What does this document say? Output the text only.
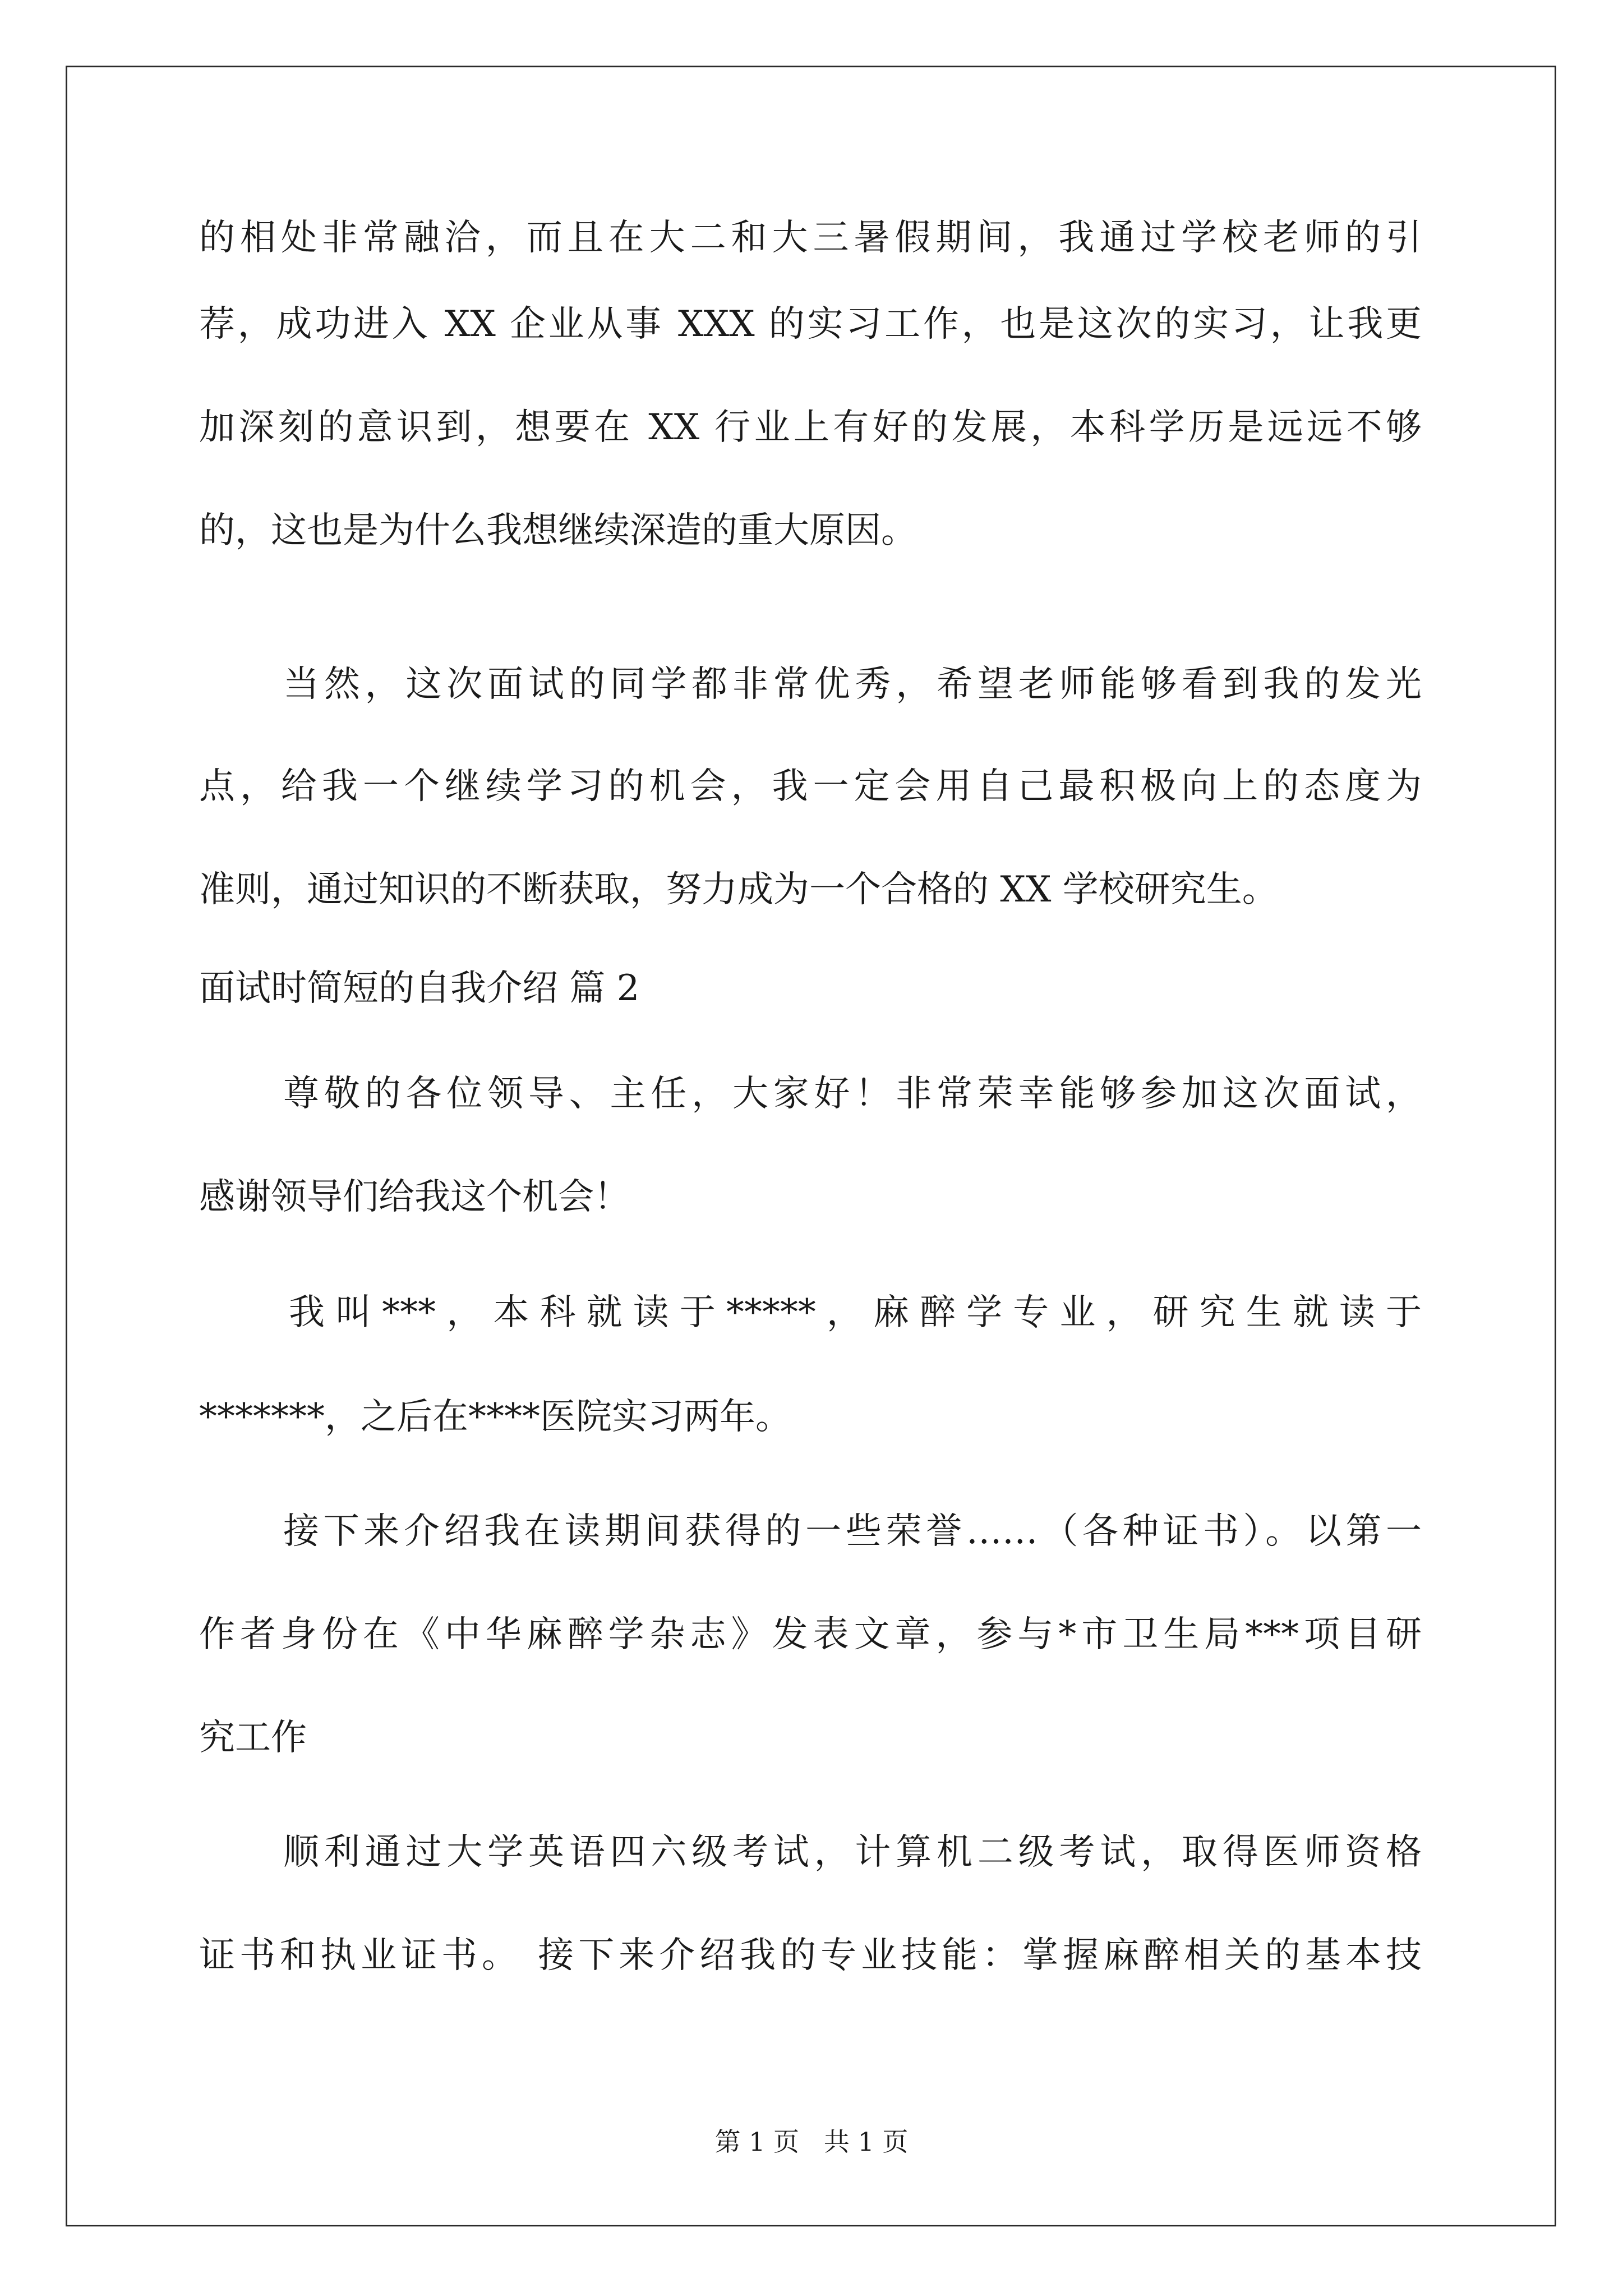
的相处非常融洽，而且在大二和大三暑假期间，我通过学校老师的引
荐，成功进入 XX 企业从事 XXX 的实习工作，也是这次的实习，让我更
加深刻的意识到，想要在 XX 行业上有好的发展，本科学历是远远不够
的，这也是为什么我想继续深造的重大原因。
当然，这次面试的同学都非常优秀，希望老师能够看到我的发光
点，给我一个继续学习的机会，我一定会用自己最积极向上的态度为
准则，通过知识的不断获取，努力成为一个合格的 XX 学校研究生。
面试时简短的自我介绍 篇 2
尊敬的各位领导、主任，大家好！非常荣幸能够参加这次面试，
感谢领导们给我这个机会！
我叫***，本科就读于*****，麻醉学专业，研究生就读于
*******，之后在****医院实习两年。
接下来介绍我在读期间获得的一些荣誉……（各种证书）。以第一
作者身份在《中华麻醉学杂志》发表文章，参与*市卫生局***项目研
究工作
顺利通过大学英语四六级考试，计算机二级考试，取得医师资格
证书和执业证书。 接下来介绍我的专业技能：掌握麻醉相关的基本技
第 1 页   共 1 页
